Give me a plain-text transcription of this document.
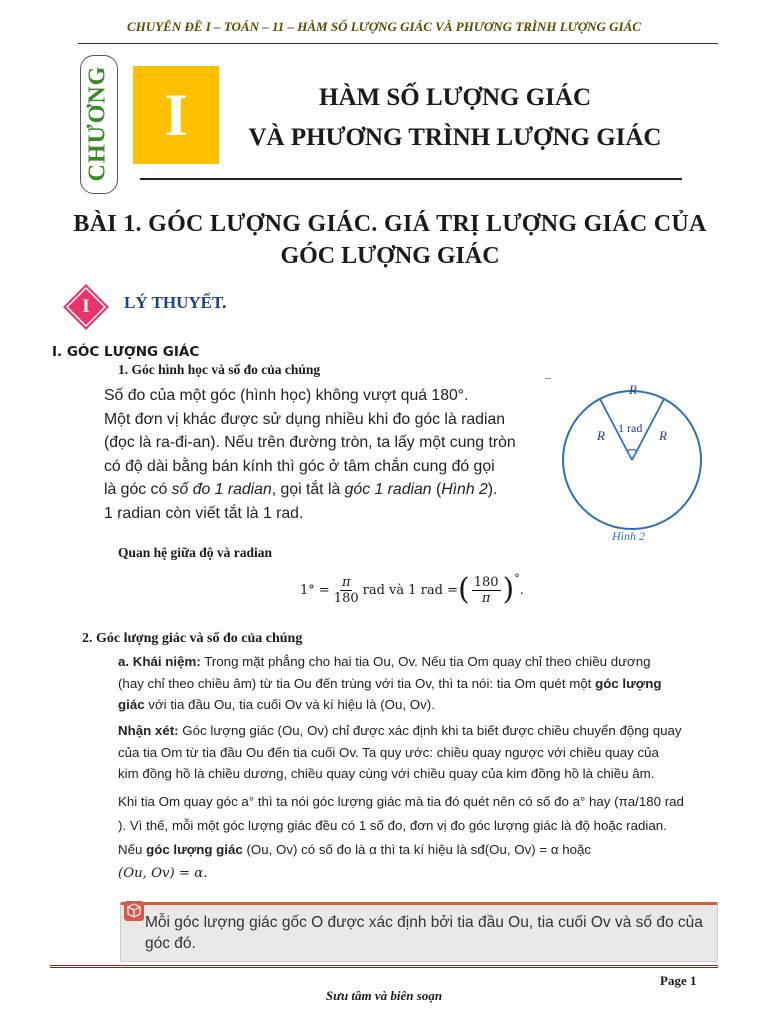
CHUYÊN ĐỀ I – TOÁN – 11 – HÀM SỐ LƯỢNG GIÁC VÀ PHƯƠNG TRÌNH LƯỢNG GIÁC
CHƯƠNG I	HÀM SỐ LƯỢNG GIÁC
VÀ PHƯƠNG TRÌNH LƯỢNG GIÁC
BÀI 1. GÓC LƯỢNG GIÁC. GIÁ TRỊ LƯỢNG GIÁC CỦA
GÓC LƯỢNG GIÁC
I	LÝ THUYẾT.
I. GÓC LƯỢNG GIÁC
1. Góc hình học và số đo của chúng
Số đo của một góc (hình học) không vượt quá 180°.
Một đơn vị khác được sử dụng nhiều khi đo góc là radian
(đọc là ra-đi-an). Nếu trên đường tròn, ta lấy một cung tròn
có độ dài bằng bán kính thì góc ở tâm chắn cung đó gọi
là góc có số đo 1 radian, gọi tắt là góc 1 radian (Hình 2).
1 radian còn viết tắt là 1 rad.
R
R	R
1 rad
Hình 2
Quan hệ giữa độ và radian
$1^\circ = \frac{\pi}{180}$ rad và 1 rad = ( $\frac{180}{\pi} )^\circ$
.
2. Góc lượng giác và số đo của chúng
a. Khái niệm: Trong mặt phẳng cho hai tia Ou, Ov. Nếu tia Om quay chỉ theo chiều dương
(hay chỉ theo chiều âm) từ tia Ou đến trùng với tia Ov, thì ta nói: tia Om quét một góc lượng
giác với tia đầu Ou, tia cuối Ov và kí hiệu là (Ou, Ov).
Nhận xét: Góc lượng giác (Ou, Ov) chỉ được xác định khi ta biết được chiều chuyển động quay
của tia Om từ tia đầu Ou đến tia cuối Ov. Ta quy ước: chiều quay ngược với chiều quay của
kim đồng hồ là chiều dương, chiều quay cùng với chiều quay của kim đồng hồ là chiều âm.
Khi tia Om quay góc a° thì ta nói góc lượng giác mà tia đó quét nên có số đo a° hay (πa/180 rad
). Vì thế, mỗi một góc lượng giác đều có 1 số đo, đơn vị đo góc lượng giác là độ hoặc radian.
Nếu góc lượng giác (Ou, Ov) có số đo là α thì ta kí hiệu là sđ(Ou, Ov) = α hoặc
(Ou, Ov) = α.
Mỗi góc lượng giác gốc O được xác định bởi tia đầu Ou, tia cuối Ov và số đo của
góc đó.
Page 1
Sưu tầm và biên soạn
